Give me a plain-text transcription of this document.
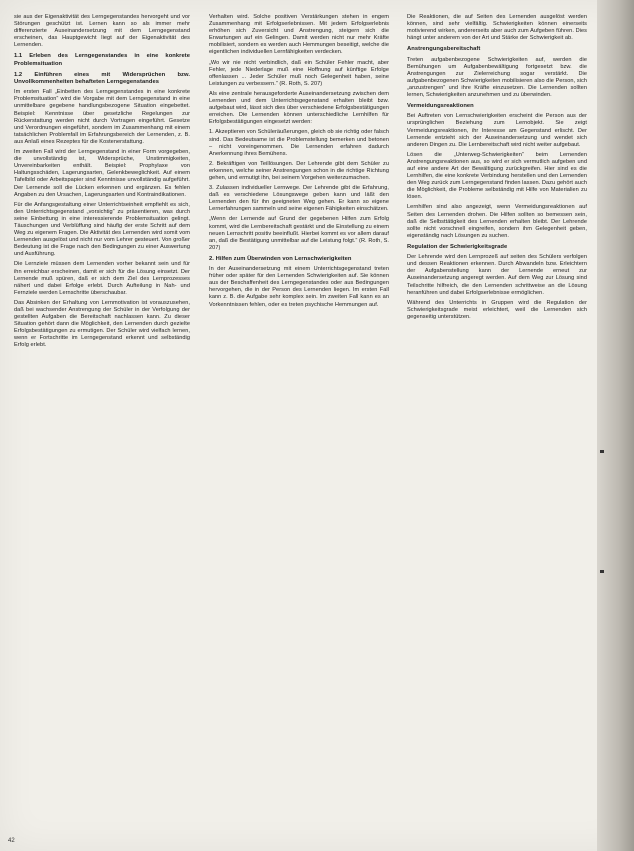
sie aus der Eigenaktivität des Lerngegenstandes hervorgeht und vor Störungen geschützt ist. Lernen kann so als immer mehr differenzierte Auseinandersetzung mit dem Lerngegenstand erscheinen, das Hauptgewicht liegt auf der Eigenaktivität des Lernenden.

1.1 Erleben des Lerngegenstandes in eine konkrete Problemsituation
1.2 Einführen eines mit Widersprüchen bzw. Unvollkommenheiten behafteten Lerngegenstandes

Im ersten Fall „Einbetten des Lerngegenstandes in eine konkrete Problemsituation“ wird die Vorgabe mit dem Lerngegenstand in eine unmittelbare gegebene handlungsbezogene Situation eingebettet. Beispiel: Kenntnisse über gesetzliche Regelungen zur Rückerstattung werden nicht durch Vortragen eingeführt. Gesetze und Verordnungen eingeführt, sondern im Zusammenhang mit einem tatsächlichen Problemfall im Erfahrungsbereich der Lernenden, z. B. aus Anlaß eines Rezeptes für die Kostenerstattung.

Im zweiten Fall wird der Lerngegenstand in einer Form vorgegeben, die unvollständig ist, Widersprüche, Unstimmigkeiten, Unvereinbarkeiten enthält. Beispiel: Prophylaxe von Haltungsschäden, Lagerungsarten, Gelenkbeweglichkeit. Auf einem Tafelbild oder Arbeitspapier sind Kenntnisse unvollständig aufgeführt. Der Lernende soll die Lücken erkennen und ergänzen. Es fehlen Angaben zu den Ursachen, Lagerungsarten und Kontraindikationen.

Für die Anfangsgestaltung einer Unterrichtseinheit empfiehlt es sich, den Unterrichtsgegenstand „vorsichtig“ zu präsentieren, was durch seine Einbettung in eine interessierende Problemsituation gelingt. Täuschungen und Verblüffung sind häufig der erste Schritt auf dem Weg zu eigenem Fragen. Die Aktivität des Lernenden wird somit vom Lernenden ausgelöst und nicht nur vom Lehrer gesteuert. Von großer Bedeutung ist die Frage nach den Bedingungen zu einer Auswertung und Ausführung.

Die Lernziele müssen dem Lernenden vorher bekannt sein und für ihn erreichbar erscheinen, damit er sich für die Lösung einsetzt. Der Lernende muß spüren, daß er sich dem Ziel des Lernprozesses nähert und dabei Erfolge erlebt. Durch Aufteilung in Nah- und Fernziele werden Lernschritte überschaubar.

Das Absinken der Erhaltung von Lernmotivation ist vorauszusehen, daß bei wachsender Anstrengung der Schüler in der Verfolgung der gestellten Aufgaben die Bereitschaft nachlassen kann. Zu dieser Situation gehört dann die Möglichkeit, den Lernenden durch gezielte Erfolgsbestätigungen zu ermutigen. Der Schüler wird vielfach lernen, wenn er Fortschritte im Lerngegenstand erkennt und selbständig Erfolg erlebt.

Verhalten wird. Solche positiven Verstärkungen stehen in engem Zusammenhang mit Erfolgserlebnissen. Mit jedem Erfolgserlebnis erhöhen sich Zuversicht und Anstrengung, steigern sich die Erwartungen auf ein Gelingen. Damit werden nicht nur mehr Kräfte mobilisiert, sondern es werden auch Hemmungen beseitigt, welche die eigentlichen individuellen Lernfähigkeiten verdecken.

„Wo wir nie nicht verbindlich, daß ein Schüler Fehler macht, aber Fehler, jede Niederlage muß eine Hoffnung auf künftige Erfolge offenlassen ... Jeder Schüler muß noch Gelegenheit haben, seine Leistungen zu verbessern.“ (R. Roth, S. 207)

Als eine zentrale herausgeforderte Auseinandersetzung zwischen dem Lernenden und dem Unterrichtsgegenstand erhalten bleibt bzw. aufgebaut wird, lässt sich dies über verschiedene Erfolgsbestätigungen erreichen. Die Lernenden können unterschiedliche Lernhilfen für Erfolgsbestätigungen eingesetzt werden:

1. Akzeptieren von Schüleräußerungen, gleich ob sie richtig oder falsch sind. Das Bedeutsame ist die Problemstellung bemerken und betonen – nicht voreingenommen. Die Lernenden erfahren dadurch Anerkennung ihres Bemühens.

2. Bekräftigen von Teillösungen. Der Lehrende gibt dem Schüler zu erkennen, welche seiner Anstrengungen schon in die richtige Richtung gehen, und ermutigt ihn, bei seinem Vorgehen weiterzumachen.

3. Zulassen individueller Lernwege. Der Lehrende gibt die Erfahrung, daß es verschiedene Lösungswege geben kann und läßt den Lernenden den für ihn geeigneten Weg gehen. Er kann so eigene Lernerfahrungen sammeln und seine eigenen Fähigkeiten einschätzen.

„Wenn der Lernende auf Grund der gegebenen Hilfen zum Erfolg kommt, wird die Lernbereitschaft gestärkt und die Einstellung zu einem neuen Lernschritt positiv beeinflußt. Hierbei kommt es vor allem darauf an, daß die Bestätigung unmittelbar auf die Leistung folgt.“ (R. Roth, S. 207)

2. Hilfen zum Überwinden von Lernschwierigkeiten

In der Auseinandersetzung mit einem Unterrichtsgegenstand treten früher oder später für den Lernenden Schwierigkeiten auf. Sie können aus der Beschaffenheit des Lerngegenstandes oder aus Bedingungen hervorgehen, die in der Person des Lernenden liegen. Im ersten Fall kann z. B. die Aufgabe sehr komplex sein. Im zweiten Fall kann es an Vorkenntnissen fehlen, oder es treten psychische Hemmungen auf.

Die Reaktionen, die auf Seiten des Lernenden ausgelöst werden können, sind sehr vielfältig. Schwierigkeiten können einerseits motivierend wirken, andererseits aber auch zum Aufgeben führen. Dies hängt unter anderem von der Art und Stärke der Schwierigkeit ab.

Anstrengungsbereitschaft

Treten aufgabenbezogene Schwierigkeiten auf, werden die Bemühungen um Aufgabenbewältigung fortgesetzt bzw. die Anstrengungen zur Zielerreichung sogar verstärkt. Die aufgabenbezogenen Schwierigkeiten mobilisieren also die Person, sich „anzustrengen“ und ihre Kräfte einzusetzen. Die Lernenden sollten lernen, Schwierigkeiten anzunehmen und zu überwinden.

Vermeidungsreaktionen

Bei Auftreten von Lernschwierigkeiten erscheint die Person aus der ursprünglichen Beziehung zum Lernobjekt. Sie zeigt Vermeidungsreaktionen, ihr Interesse am Gegenstand erlischt. Der Lernende entzieht sich der Auseinandersetzung und wendet sich anderen Dingen zu. Die Lernbereitschaft wird nicht weiter aufgebaut.

Lösen die „Unterweg-Schwierigkeiten“ beim Lernenden Anstrengungsreaktionen aus, so wird er sich vermutlich aufgeben und auf eine andere Art der Bewältigung zurückgreifen. Hier sind es die Lernhilfen, die eine konkrete Verbindung herstellen und den Lernenden den Weg zurück zum Lerngegenstand finden lassen. Dazu gehört auch die Möglichkeit, die Probleme selbständig mit Hilfe von Materialien zu lösen.

Lernhilfen sind also angezeigt, wenn Vermeidungsreaktionen auf Seiten des Lernenden drohen. Die Hilfen sollten so bemessen sein, daß die Selbsttätigkeit des Lernenden erhalten bleibt. Der Lehrende sollte nicht vorschnell eingreifen, sondern ihm Gelegenheit geben, eigenständig nach Lösungen zu suchen.

Regulation der Schwierigkeitsgrade

Der Lehrende wird den Lernprozeß auf seiten des Schülers verfolgen und dessen Reaktionen erkennen. Durch Abwandeln bzw. Erleichtern der Aufgabenstellung kann der Lernende erneut zur Auseinandersetzung angeregt werden. Auf dem Weg zur Lösung sind Teilschritte hilfreich, die den Lernenden schrittweise an die Lösung heranführen und dabei Erfolgserlebnisse ermöglichen.

Während des Unterrichts in Gruppen wird die Regulation der Schwierigkeitsgrade meist erleichtert, weil die Lernenden sich gegenseitig unterstützen.

42
